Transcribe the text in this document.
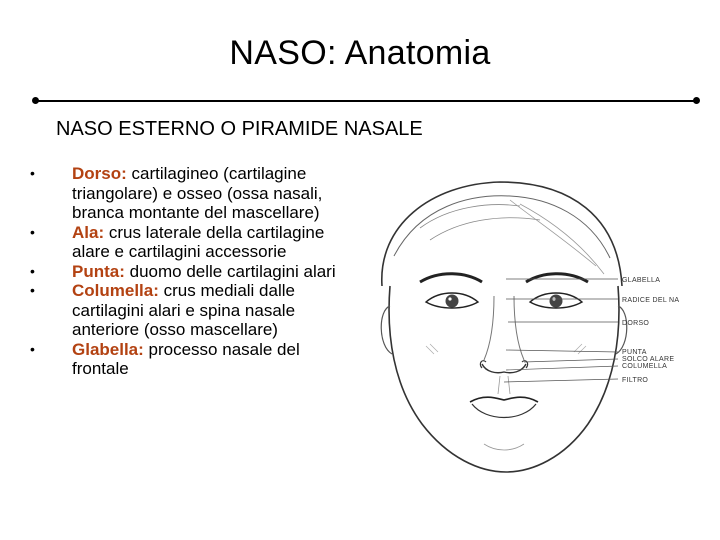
NASO: Anatomia
NASO ESTERNO O PIRAMIDE NASALE
• Dorso: cartilagineo (cartilagine triangolare) e osseo (ossa nasali, branca montante del mascellare)
• Ala: crus laterale della cartilagine alare e cartilagini accessorie
• Punta: duomo delle cartilagini alari
• Columella: crus mediali dalle cartilagini alari e spina nasale anteriore (osso mascellare)
• Glabella: processo nasale del frontale
GLABELLA
RADICE DEL NA
DORSO
PUNTA
SOLCO ALARE
COLUMELLA
FILTRO
